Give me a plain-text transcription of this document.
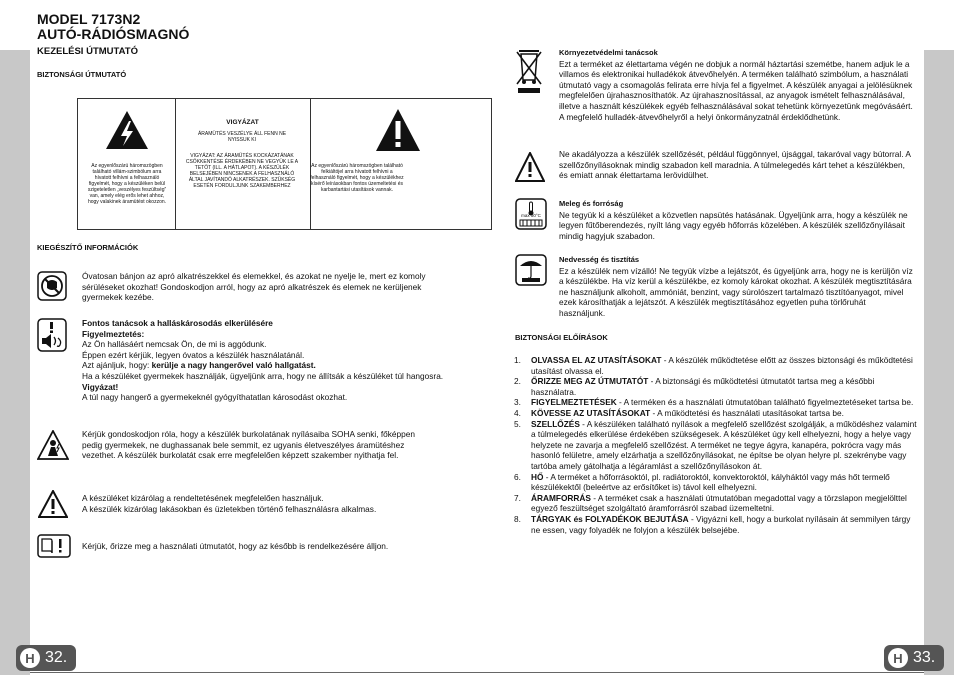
MODEL 7173N2
AUTÓ-RÁDIÓSMAGNÓ
KEZELÉSI ÚTMUTATÓ
BIZTONSÁGI ÚTMUTATÓ
Az egyenlőszárú háromszögben található villám-szimbólum arra hívatott felhívni a felhasználó figyelmét, hogy a készüléken belül szigeteletlen „veszélyes feszültség” van, amely elég erős lehet ahhoz, hogy valakinek áramütést okozzon.
VIGYÁZAT
ÁRAMÜTÉS VESZÉLYE ÁLL FENN NE NYISSUK KI
VIGYÁZAT: AZ ÁRAMÜTÉS KOCKÁZATÁNAK CSÖKKENTÉSE ÉRDEKÉBEN NE VEGYÜK LE A TETŐT (ILL. A HÁTLAPOT). A KÉSZÜLÉK BELSEJÉBEN NINCSENEK A FELHASZNÁLÓ ÁLTAL JAVÍTANDÓ ALKATRÉSZEK. SZÜKSÉG ESETÉN FORDULJUNK SZAKEMBERHEZ
Az egyenlőszárú háromszögben található felkiáltójel arra hívatott felhívni a felhasználó figyelmét, hogy a készülékhez kísérő leírásokban fontos üzemeltetési és karbantartási utasítások vannak.
KIEGÉSZÍTŐ INFORMÁCIÓK
Óvatosan bánjon az apró alkatrészekkel és elemekkel, és azokat ne nyelje le, mert ez komoly sérüléseket okozhat! Gondoskodjon arról, hogy az apró alkatrészek és elemek ne kerüljenek gyermekek kezébe.
Fontos tanácsok a halláskárosodás elkerülésére
Figyelmeztetés:
Az Ön hallásáért nemcsak Ön, de mi is aggódunk.
Éppen ezért kérjük, legyen óvatos a készülék használatánál.
Azt ajánljuk, hogy: kerülje a nagy hangerővel való hallgatást.
Ha a készüléket gyermekek használják, ügyeljünk arra, hogy ne állítsák a készüléket túl hangosra.
Vigyázat!
A túl nagy hangerő a gyermekeknél gyógyíthatatlan károsodást okozhat.
Kérjük gondoskodjon róla, hogy a készülék burkolatának nyílásaiba SOHA senki, főképpen pedig gyermekek, ne dughassanak bele semmit, ez ugyanis életveszélyes áramütéshez vezethet. A készülék burkolatát csak erre megfelelően képzett szakember nyithatja fel.
A készüléket kizárólag a rendeltetésének megfelelően használjuk.
A készülék kizárólag lakásokban és üzletekben történő felhasználásra alkalmas.
Kérjük, őrizze meg a használati útmutatót, hogy az később is rendelkezésére álljon.
Környezetvédelmi tanácsok
Ezt a terméket az élettartama végén ne dobjuk a normál háztartási szemétbe, hanem adjuk le a villamos és elektronikai hulladékok átvevőhelyén. A terméken található szimbólum, a használati útmutató vagy a csomagolás felirata erre hívja fel a figyelmet. A készülék anyagai a jelölésüknek megfelelően újrahasznosíthatók. Az újrahasznosítással, az anyagok ismételt felhasználásával, illetve a használt készülékek egyéb felhasználásával sokat tehetünk környezetünk megóvásáért. A megfelelő hulladék-átvevőhelyről a helyi önkormányzatnál érdeklődhetünk.
Ne akadályozza a készülék szellőzését, például függönnyel, újsággal, takaróval vagy bútorral. A szellőzőnyílásoknak mindig szabadon kell maradnia. A túlmelegedés kárt tehet a készülékben, és emiatt annak élettartama lerövidülhet.
max 50°C
Meleg és forróság
Ne tegyük ki a készüléket a közvetlen napsütés hatásának. Ügyeljünk arra, hogy a készülék ne legyen fűtőberendezés, nyílt láng vagy egyéb hőforrás közelében. A készülék szellőzőnyílásait mindig hagyjuk szabadon.
Nedvesség és tisztítás
Ez a készülék nem vízálló! Ne tegyük vízbe a lejátszót, és ügyeljünk arra, hogy ne is kerüljön víz a készülékbe. Ha víz kerül a készülékbe, ez komoly károkat okozhat. A készülék megtisztítására ne használjunk alkoholt, ammóniát, benzint, vagy súrolószert tartalmazó tisztítóanyagot, mivel ezek károsíthatják a lejátszót. A készülék megtisztításához egyetlen puha törlőruhát használjunk.
BIZTONSÁGI ELŐÍRÁSOK
1. OLVASSA EL AZ UTASÍTÁSOKAT - A készülék működtetése előtt az összes biztonsági és működtetési utasítást olvassa el.
2. ŐRIZZE MEG AZ ÚTMUTATÓT - A biztonsági és működtetési útmutatót tartsa meg a későbbi használatra.
3. FIGYELMEZTETÉSEK - A terméken és a használati útmutatóban található figyelmeztetéseket tartsa be.
4. KÖVESSE AZ UTASÍTÁSOKAT - A működtetési és használati utasításokat tartsa be.
5. SZELLŐZÉS - A készüléken található nyílások a megfelelő szellőzést szolgálják, a működéshez valamint a túlmelegedés elkerülése érdekében szükségesek. A készüléket úgy kell elhelyezni, hogy a helye vagy helyzete ne zavarja a megfelelő szellőzést. A terméket ne tegye ágyra, kanapéra, pokrócra vagy más hasonló felületre, amely elzárhatja a szellőzőnyílásokat, ne építse be olyan helyre pl. szekrénybe vagy tartóba amely gátolhatja a légáramlást a szellőzőnyílásokon át.
6. HŐ - A terméket a hőforrásoktól, pl. radiátoroktól, konvektoroktól, kályháktól vagy más hőt termelő készülékektől (beleértve az erősítőket is) távol kell elhelyezni.
7. ÁRAMFORRÁS - A terméket csak a használati útmutatóban megadottal vagy a törzslapon megjelölttel egyező feszültséget szolgáltató áramforrásról szabad üzemeltetni.
8. TÁRGYAK és FOLYADÉKOK BEJUTÁSA - Vigyázni kell, hogy a burkolat nyílásain át semmilyen tárgy ne essen, vagy folyadék ne folyjon a készülék belsejébe.
H 32.	H 33.
